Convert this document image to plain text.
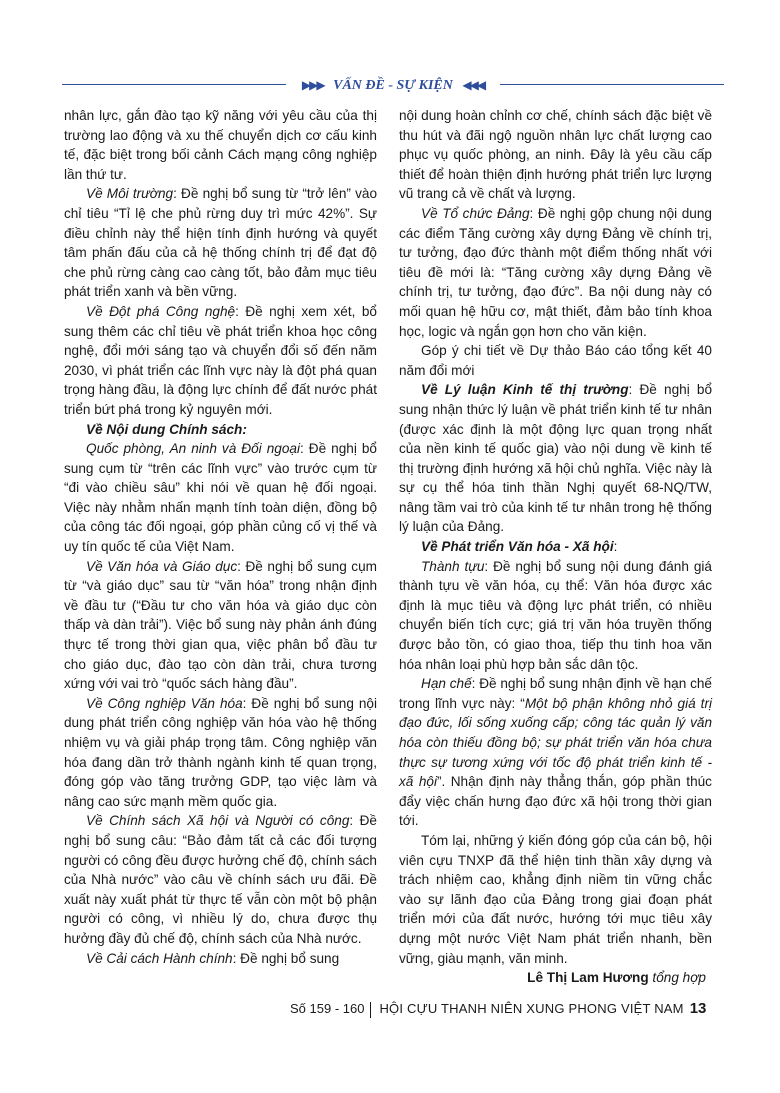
▶▶▶ VẤN ĐỀ - SỰ KIỆN ◀◀◀

nhân lực, gắn đào tạo kỹ năng với yêu cầu của thị trường lao động và xu thế chuyển dịch cơ cấu kinh tế, đặc biệt trong bối cảnh Cách mạng công nghiệp lần thứ tư.

Về Môi trường: Đề nghị bổ sung từ “trở lên” vào chỉ tiêu “Tỉ lệ che phủ rừng duy trì mức 42%”. Sự điều chỉnh này thể hiện tính định hướng và quyết tâm phấn đấu của cả hệ thống chính trị để đạt độ che phủ rừng càng cao càng tốt, bảo đảm mục tiêu phát triển xanh và bền vững.

Về Đột phá Công nghệ: Đề nghị xem xét, bổ sung thêm các chỉ tiêu về phát triển khoa học công nghệ, đổi mới sáng tạo và chuyển đổi số đến năm 2030, vì phát triển các lĩnh vực này là đột phá quan trọng hàng đầu, là động lực chính để đất nước phát triển bứt phá trong kỷ nguyên mới.

Về Nội dung Chính sách:

Quốc phòng, An ninh và Đối ngoại: Đề nghị bổ sung cụm từ “trên các lĩnh vực” vào trước cụm từ “đi vào chiều sâu” khi nói về quan hệ đối ngoại. Việc này nhằm nhấn mạnh tính toàn diện, đồng bộ của công tác đối ngoại, góp phần củng cố vị thế và uy tín quốc tế của Việt Nam.

Về Văn hóa và Giáo dục: Đề nghị bổ sung cụm từ “và giáo dục” sau từ “văn hóa” trong nhận định về đầu tư (“Đầu tư cho văn hóa và giáo dục còn thấp và dàn trải”). Việc bổ sung này phản ánh đúng thực tế trong thời gian qua, việc phân bổ đầu tư cho giáo dục, đào tạo còn dàn trải, chưa tương xứng với vai trò “quốc sách hàng đầu”.

Về Công nghiệp Văn hóa: Đề nghị bổ sung nội dung phát triển công nghiệp văn hóa vào hệ thống nhiệm vụ và giải pháp trọng tâm. Công nghiệp văn hóa đang dần trở thành ngành kinh tế quan trọng, đóng góp vào tăng trưởng GDP, tạo việc làm và nâng cao sức mạnh mềm quốc gia.

Về Chính sách Xã hội và Người có công: Đề nghị bổ sung câu: “Bảo đảm tất cả các đối tượng người có công đều được hưởng chế độ, chính sách của Nhà nước” vào câu về chính sách ưu đãi. Đề xuất này xuất phát từ thực tế vẫn còn một bộ phận người có công, vì nhiều lý do, chưa được thụ hưởng đầy đủ chế độ, chính sách của Nhà nước.

Về Cải cách Hành chính: Đề nghị bổ sung

nội dung hoàn chỉnh cơ chế, chính sách đặc biệt về thu hút và đãi ngộ nguồn nhân lực chất lượng cao phục vụ quốc phòng, an ninh. Đây là yêu cầu cấp thiết để hoàn thiện định hướng phát triển lực lượng vũ trang cả về chất và lượng.

Về Tổ chức Đảng: Đề nghị gộp chung nội dung các điểm Tăng cường xây dựng Đảng về chính trị, tư tưởng, đạo đức thành một điểm thống nhất với tiêu đề mới là: “Tăng cường xây dựng Đảng về chính trị, tư tưởng, đạo đức”. Ba nội dung này có mối quan hệ hữu cơ, mật thiết, đảm bảo tính khoa học, logic và ngắn gọn hơn cho văn kiện.

Góp ý chi tiết về Dự thảo Báo cáo tổng kết 40 năm đổi mới

Về Lý luận Kinh tế thị trường: Đề nghị bổ sung nhận thức lý luận về phát triển kinh tế tư nhân (được xác định là một động lực quan trọng nhất của nền kinh tế quốc gia) vào nội dung về kinh tế thị trường định hướng xã hội chủ nghĩa. Việc này là sự cụ thể hóa tinh thần Nghị quyết 68-NQ/TW, nâng tầm vai trò của kinh tế tư nhân trong hệ thống lý luận của Đảng.

Về Phát triển Văn hóa - Xã hội:

Thành tựu: Đề nghị bổ sung nội dung đánh giá thành tựu về văn hóa, cụ thể: Văn hóa được xác định là mục tiêu và động lực phát triển, có nhiều chuyển biến tích cực; giá trị văn hóa truyền thống được bảo tồn, có giao thoa, tiếp thu tinh hoa văn hóa nhân loại phù hợp bản sắc dân tộc.

Hạn chế: Đề nghị bổ sung nhận định về hạn chế trong lĩnh vực này: “Một bộ phận không nhỏ giá trị đạo đức, lối sống xuống cấp; công tác quản lý văn hóa còn thiếu đồng bộ; sự phát triển văn hóa chưa thực sự tương xứng với tốc độ phát triển kinh tế - xã hội”. Nhận định này thẳng thắn, góp phần thúc đẩy việc chấn hưng đạo đức xã hội trong thời gian tới.

Tóm lại, những ý kiến đóng góp của cán bộ, hội viên cựu TNXP đã thể hiện tinh thần xây dựng và trách nhiệm cao, khẳng định niềm tin vững chắc vào sự lãnh đạo của Đảng trong giai đoạn phát triển mới của đất nước, hướng tới mục tiêu xây dựng một nước Việt Nam phát triển nhanh, bền vững, giàu mạnh, văn minh.

Lê Thị Lam Hương tổng hợp

Số 159 - 160 HỘI CỰU THANH NIÊN XUNG PHONG VIỆT NAM 13
